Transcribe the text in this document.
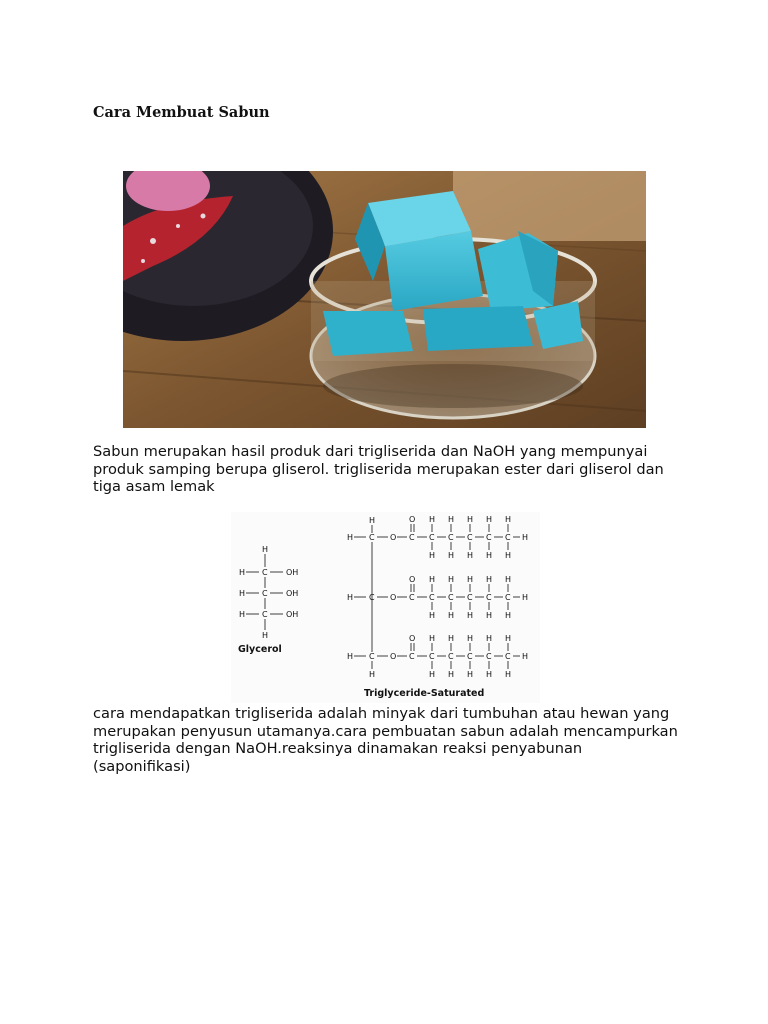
Cara Membuat Sabun

Sabun merupakan hasil produk dari trigliserida dan NaOH yang mempunyai produk samping berupa gliserol. trigliserida merupakan ester dari gliserol dan tiga asam lemak

H
H C OH
H C OH
H C OH
H
Glycerol
H
H C O C
O
C C C C C H
H H H H H
H H H H H
H C O C
O
C C C C C H
H H H H H
H H H H H
H C O C
O
C C C C C H
H H H H H
H	H H H H H
Triglyceride-Saturated

cara mendapatkan trigliserida adalah minyak dari tumbuhan atau hewan yang merupakan penyusun utamanya.cara pembuatan sabun adalah mencampurkan trigliserida dengan NaOH.reaksinya dinamakan reaksi penyabunan (saponifikasi)
